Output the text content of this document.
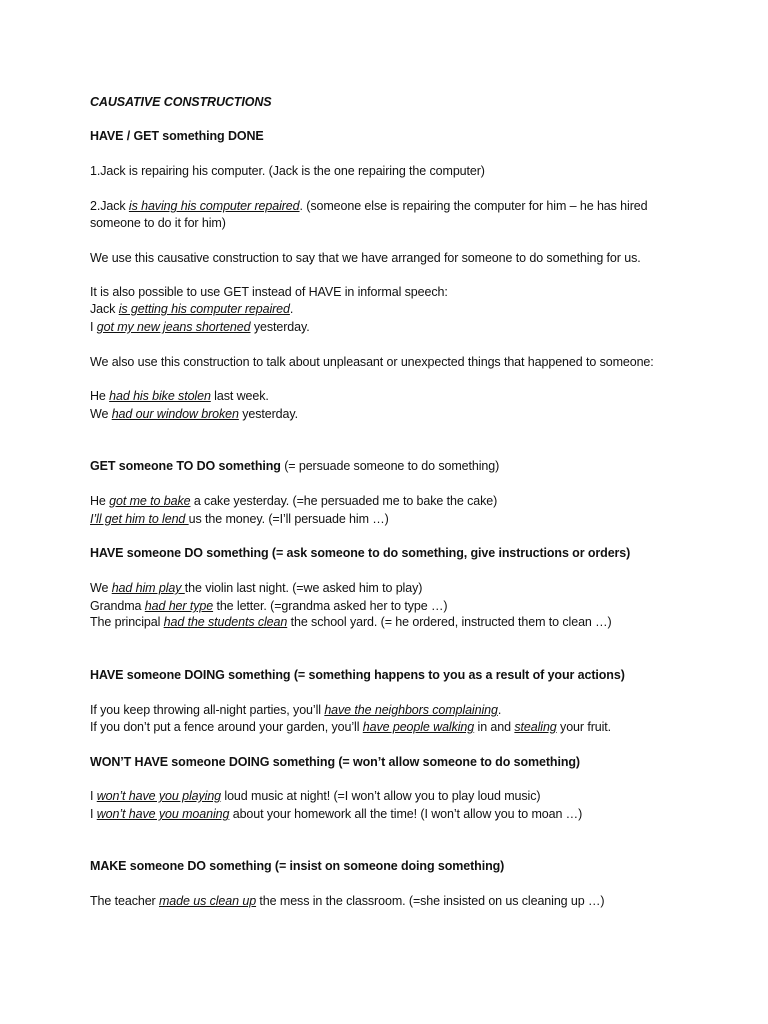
CAUSATIVE CONSTRUCTIONS
HAVE / GET something DONE
1.Jack is repairing his computer. (Jack is the one repairing the computer)
2.Jack is having his computer repaired. (someone else is repairing the computer for him – he has hired
someone to do it for him)
We use this causative construction to say that we have arranged for someone to do something for us.
It is also possible to use GET instead of HAVE in informal speech:
Jack is getting his computer repaired.
I got my new jeans shortened yesterday.
We also use this construction to talk about unpleasant or unexpected things that happened to someone:
He had his bike stolen last week.
We had our window broken yesterday.
GET someone TO DO something (= persuade someone to do something)
He got me to bake a cake yesterday. (=he persuaded me to bake the cake)
I’ll get him to lend us the money. (=I’ll persuade him …)
HAVE someone DO something (= ask someone to do something, give instructions or orders)
We had him play the violin last night. (=we asked him to play)
Grandma had her type the letter. (=grandma asked her to type …)
The principal had the students clean the school yard. (= he ordered, instructed them to clean …)
HAVE someone DOING something (= something happens to you as a result of your actions)
If you keep throwing all-night parties, you’ll have the neighbors complaining.
If you don’t put a fence around your garden, you’ll have people walking in and stealing your fruit.
WON’T HAVE someone DOING something (= won’t allow someone to do something)
I won’t have you playing loud music at night! (=I won’t allow you to play loud music)
I won’t have you moaning about your homework all the time! (I won’t allow you to moan …)
MAKE someone DO something (= insist on someone doing something)
The teacher made us clean up the mess in the classroom. (=she insisted on us cleaning up …)
